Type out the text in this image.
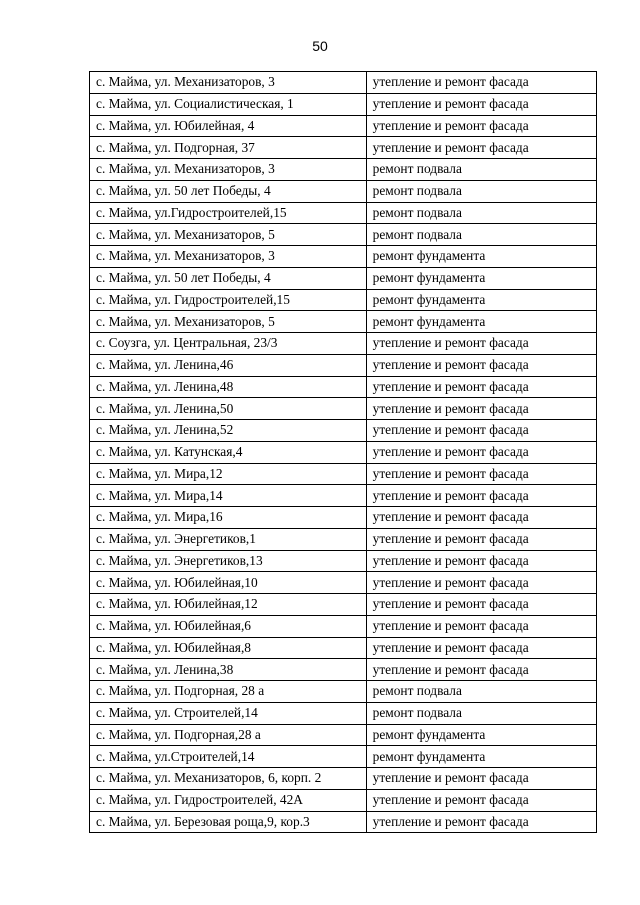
50
с. Майма, ул. Механизаторов, 3	утепление и ремонт фасада
с. Майма, ул. Социалистическая, 1	утепление и ремонт фасада
с. Майма, ул. Юбилейная, 4	утепление и ремонт фасада
с. Майма, ул. Подгорная, 37	утепление и ремонт фасада
с. Майма, ул. Механизаторов, 3	ремонт подвала
с. Майма, ул. 50 лет Победы, 4	ремонт подвала
с. Майма, ул.Гидростроителей,15	ремонт подвала
с. Майма, ул. Механизаторов, 5	ремонт подвала
с. Майма, ул. Механизаторов, 3	ремонт фундамента
с. Майма, ул. 50 лет Победы, 4	ремонт фундамента
с. Майма, ул. Гидростроителей,15	ремонт фундамента
с. Майма, ул. Механизаторов, 5	ремонт фундамента
с. Соузга, ул. Центральная, 23/3	утепление и ремонт фасада
с. Майма, ул. Ленина,46	утепление и ремонт фасада
с. Майма, ул. Ленина,48	утепление и ремонт фасада
с. Майма, ул. Ленина,50	утепление и ремонт фасада
с. Майма, ул. Ленина,52	утепление и ремонт фасада
с. Майма, ул. Катунская,4	утепление и ремонт фасада
с. Майма, ул. Мира,12	утепление и ремонт фасада
с. Майма, ул. Мира,14	утепление и ремонт фасада
с. Майма, ул. Мира,16	утепление и ремонт фасада
с. Майма, ул. Энергетиков,1	утепление и ремонт фасада
с. Майма, ул. Энергетиков,13	утепление и ремонт фасада
с. Майма, ул. Юбилейная,10	утепление и ремонт фасада
с. Майма, ул. Юбилейная,12	утепление и ремонт фасада
с. Майма, ул. Юбилейная,6	утепление и ремонт фасада
с. Майма, ул. Юбилейная,8	утепление и ремонт фасада
с. Майма, ул. Ленина,38	утепление и ремонт фасада
с. Майма, ул. Подгорная, 28 а	ремонт подвала
с. Майма, ул. Строителей,14	ремонт подвала
с. Майма, ул. Подгорная,28 а	ремонт фундамента
с. Майма, ул.Строителей,14	ремонт фундамента
с. Майма, ул. Механизаторов, 6, корп. 2	утепление и ремонт фасада
с. Майма, ул. Гидростроителей, 42А	утепление и ремонт фасада
с. Майма, ул. Березовая роща,9, кор.3	утепление и ремонт фасада
